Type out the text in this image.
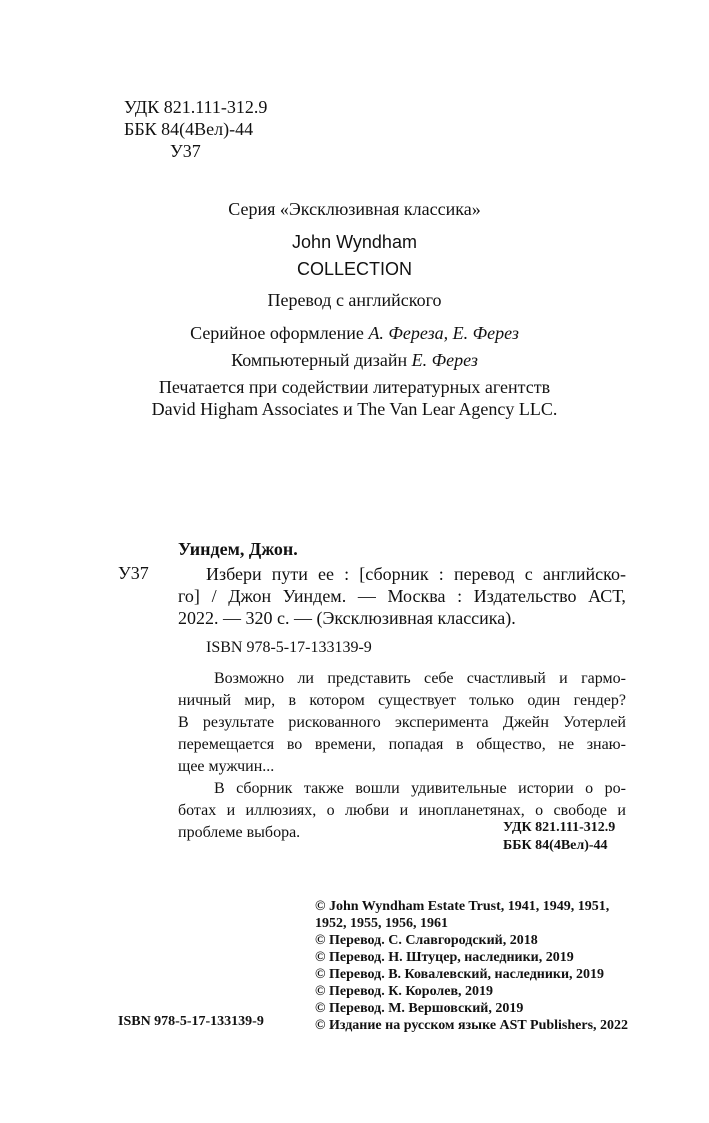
УДК 821.111-312.9
ББК 84(4Вел)-44
У37
Серия «Эксклюзивная классика»
John Wyndham
COLLECTION
Перевод с английского
Серийное оформление А. Фереза, Е. Ферез
Компьютерный дизайн Е. Ферез
Печатается при содействии литературных агентств
David Higham Associates и The Van Lear Agency LLC.
Уиндем, Джон.
У37	Избери пути ее : [сборник : перевод с английско-
го] / Джон Уиндем. — Москва : Издательство АСТ,
2022. — 320 с. — (Эксклюзивная классика).
ISBN 978-5-17-133139-9
Возможно ли представить себе счастливый и гармо-
ничный мир, в котором существует только один гендер?
В результате рискованного эксперимента Джейн Уотерлей
перемещается во времени, попадая в общество, не знаю-
щее мужчин...
В сборник также вошли удивительные истории о ро-
ботах и иллюзиях, о любви и инопланетянах, о свободе и
проблеме выбора.	УДК 821.111-312.9
ББК 84(4Вел)-44
© John Wyndham Estate Trust, 1941, 1949, 1951,
1952, 1955, 1956, 1961
© Перевод. С. Славгородский, 2018
© Перевод. Н. Штуцер, наследники, 2019
© Перевод. В. Ковалевский, наследники, 2019
© Перевод. К. Королев, 2019
© Перевод. М. Вершовский, 2019
© Издание на русском языке AST Publishers, 2022
ISBN 978-5-17-133139-9
